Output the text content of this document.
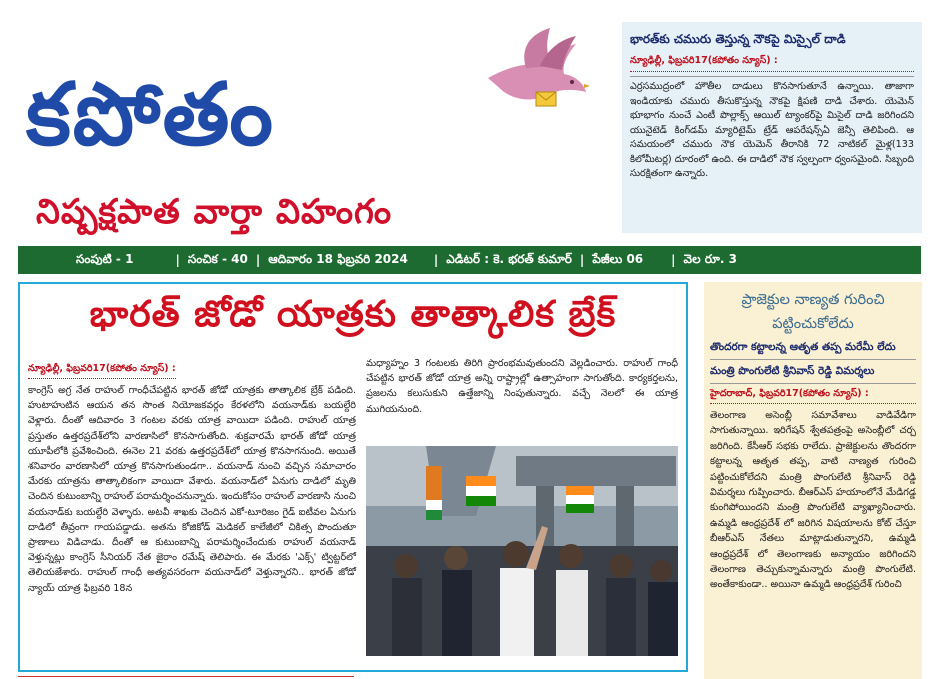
కపోతం
నిష్పక్షపాత వార్తా విహంగం
భారత్‌కు చమురు తెస్తున్న నౌకపై మిస్సైల్ దాడి
న్యూఢిల్లీ, ఫిబ్రవరి17(కపోతం న్యూస్) :
ఎర్రసముద్రంలో హౌతీల దాడులు కొనసాగుతూనే ఉన్నాయి. తాజాగా ఇండియాకు చమురు తీసుకొస్తున్న నౌకపై క్షిపణి దాడి చేశారు. యెమెన్ భూభాగం నుంచే ఎంటీ పొల్లాక్స్ ఆయిల్ ట్యాంకర్‌పై మిసైల్ దాడి జరిగిందని యునైటెడ్ కింగ్‌డమ్ మ్యారిటైమ్ ట్రేడ్ ఆపరేషన్స్‌ఏ జెన్సీ తెలిపింది. ఆ సమయంలో చమురు నౌక యెమెన్ తీరానికి 72 నాటికల్ మైళ్ల(133 కిలోమీటర్ల) దూరంలో ఉంది. ఈ దాడిలో నౌక స్వల్పంగా ధ్వంసమైంది. సిబ్బంది సురక్షితంగా ఉన్నారు.
సంపుటి - 1	| సంచిక - 40 | ఆదివారం 18 ఫిబ్రవరి 2024	| ఎడిటర్ : కె. భరత్ కుమార్ | పేజీలు 06	| వెల రూ. 3
భారత్ జోడో యాత్రకు తాత్కాలిక బ్రేక్
న్యూఢిల్లీ, ఫిబ్రవరి17(కపోతం న్యూస్) :

కాంగ్రెస్ అగ్ర నేత రాహుల్ గాంధీచేపట్టిన భారత్ జోడో యాత్రకు తాత్కాలిక బ్రేక్ పడింది. హుటాహుటిన ఆయన తన సొంత నియోజకవర్గం కేరళలోని వయనాడ్‌కు బయల్దేరి వెళ్లారు. దీంతో ఆదివారం 3 గంటల వరకు యాత్ర వాయిదా పడింది. రాహుల్ యాత్ర ప్రస్తుతం ఉత్తరప్రదేశ్‌లోని వారణాసిలో కొనసాగుతోంది. శుక్రవారమే భారత్ జోడో యాత్ర యూపీలోకి ప్రవేశించింది. ఈనెల 21 వరకు ఉత్తరప్రదేశ్‌లో యాత్ర కొనసాగనుంది. అయితే శనివారం వారణాసిలో యాత్ర కొనసాగుతుండగా.. వయనాడ్ నుంచి వచ్చిన సమాచారం మేరకు యాత్రను తాత్కాలికంగా వాయిదా వేశారు. వయనాడ్‌లో ఏనుగు దాడిలో మృతి చెందిన కుటుంబాన్ని రాహుల్ పరామర్శించనున్నారు. ఇందుకోసం రాహుల్ వారణాసి నుంచి వయనాడ్‌కు బయల్దేరి వెళ్ళారు. అటవీ శాఖకు చెందిన ఎకో-టూరిజం గైడ్ ఐటీవల ఏనుగు దాడిలో తీవ్రంగా గాయపడ్డాడు. అతను కోజికోడ్ మెడికల్ కాలేజీలో చికిత్స పొందుతూ ప్రాణాలు విడిచాడు. దీంతో ఆ కుటుంబాన్ని పరామర్శించేందుకు రాహుల్ వయనాడ్ వెళ్తున్నట్లు కాంగ్రెస్ సీనియర్ నేత జైరాం రమేష్ తెలిపారు. ఈ మేరకు 'ఎక్స్' ట్విట్టర్‌లో తెలియజేశారు. రాహుల్ గాంధీ అత్యవసరంగా వయనాడ్‌లో వెళ్తున్నారని.. భారత్ జోడో న్యాయ్ యాత్ర ఫిబ్రవరి 18న

మధ్యాహ్నం 3 గంటలకు తిరిగి ప్రారంభమవుతుందని వెల్లడించారు. రాహుల్ గాంధీ చేపట్టిన భారత్ జోడో యాత్ర అన్ని రాష్ట్రాల్లో ఉత్సాహంగా సాగుతోంది. కార్యకర్తలను, ప్రజలను కలుసుకుని ఉత్తేజాన్ని నింపుతున్నారు. వచ్చే నెలలో ఈ యాత్ర ముగియనుంది.

ప్రాజెక్టుల నాణ్యత గురించి పట్టించుకోలేదు
తొందరగా కట్టాలన్న ఆతృత తప్ప మరేమీ లేదు
మంత్రి పొంగులేటి శ్రీనివాస్ రెడ్డి విమర్శలు
హైదరాబాద్, ఫిబ్రవరి17(కపోతం న్యూస్) :
తెలంగాణ అసెంబ్లీ సమావేశాలు వాడివేడిగా సాగుతున్నాయి. ఇరిగేషన్ శ్వేతపత్రంపై అసెంబ్లీలో చర్చ జరిగింది. కేసీఆర్ సభకు రాలేదు. ప్రాజెక్టులను తొందరగా కట్టాలన్న ఆతృత తప్ప, వాటి నాణ్యత గురించి పట్టించుకోలేదని మంత్రి పొంగులేటి శ్రీనివాస్ రెడ్డి విమర్శలు గుప్పించారు. బీఆర్ఎస్ హయాంలోనే మేడిగడ్డ కుంగిపోయిందని మంత్రి పొంగులేటి వ్యాఖ్యానించారు. ఉమ్మడి ఆంధ్రప్రదేశ్ లో జరిగిన విషయాలను కోట్ చేస్తూ బీఆర్ఎస్ నేతలు మాట్లాడుతున్నారని, ఉమ్మడి ఆంధ్రప్రదేశ్ లో తెలంగాణకు అన్యాయం జరిగిందని తెలంగాణ తెచ్చుకున్నామన్నారు మంత్రి పొంగులేటి. అంతేకాకుండా.. అయినా ఉమ్మడి ఆంధ్రప్రదేశ్ గురించి
